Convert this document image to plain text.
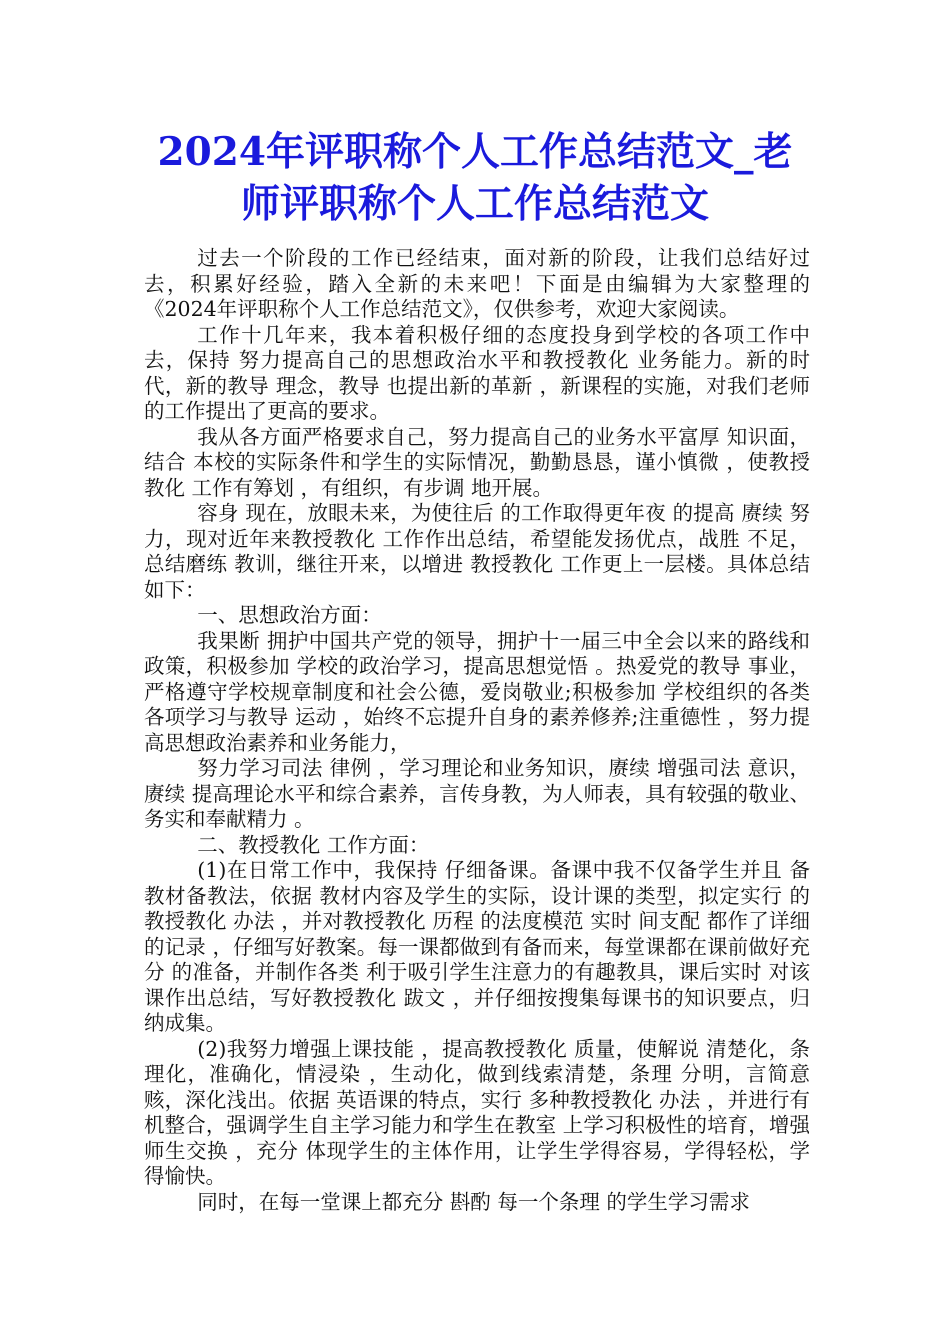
2024年评职称个人工作总结范文_老
师评职称个人工作总结范文

过去一个阶段的工作已经结束，面对新的阶段，让我们总结好过去，积累好经验，踏入全新的未来吧！下面是由编辑为大家整理的《2024年评职称个人工作总结范文》，仅供参考，欢迎大家阅读。

工作十几年来，我本着积极仔细的态度投身到学校的各项工作中去，保持 努力提高自己的思想政治水平和教授教化 业务能力。新的时代，新的教导 理念，教导 也提出新的革新 ，新课程的实施，对我们老师的工作提出了更高的要求。

我从各方面严格要求自己，努力提高自己的业务水平富厚 知识面，结合 本校的实际条件和学生的实际情况，勤勤恳恳，谨小慎微 ，使教授教化 工作有筹划 ，有组织，有步调 地开展。

容身 现在，放眼未来，为使往后 的工作取得更年夜 的提高 赓续 努力，现对近年来教授教化 工作作出总结，希望能发扬优点，战胜 不足，总结磨练 教训，继往开来，以增进 教授教化 工作更上一层楼。具体总结如下：

一、思想政治方面：

我果断 拥护中国共产党的领导，拥护十一届三中全会以来的路线和政策，积极参加 学校的政治学习，提高思想觉悟 。热爱党的教导 事业，严格遵守学校规章制度和社会公德，爱岗敬业;积极参加 学校组织的各类各项学习与教导 运动 ，始终不忘提升自身的素养修养;注重德性 ，努力提高思想政治素养和业务能力，

努力学习司法 律例 ，学习理论和业务知识，赓续 增强司法 意识，赓续 提高理论水平和综合素养，言传身教，为人师表，具有较强的敬业、务实和奉献精力 。

二、教授教化 工作方面：

(1)在日常工作中，我保持 仔细备课。备课中我不仅备学生并且 备教材备教法，依据 教材内容及学生的实际，设计课的类型，拟定实行 的教授教化 办法 ，并对教授教化 历程 的法度模范 实时 间支配 都作了详细的记录 ，仔细写好教案。每一课都做到有备而来，每堂课都在课前做好充分 的准备，并制作各类 利于吸引学生注意力的有趣教具，课后实时 对该课作出总结，写好教授教化 跋文 ，并仔细按搜集每课书的知识要点，归纳成集。

(2)我努力增强上课技能 ，提高教授教化 质量，使解说 清楚化，条理化，准确化，情浸染 ，生动化，做到线索清楚，条理 分明，言简意赅，深化浅出。依据 英语课的特点，实行 多种教授教化 办法 ，并进行有机整合，强调学生自主学习能力和学生在教室 上学习积极性的培育，增强 师生交换 ，充分 体现学生的主体作用，让学生学得容易，学得轻松，学得愉快。

同时，在每一堂课上都充分 斟酌 每一个条理 的学生学习需求
